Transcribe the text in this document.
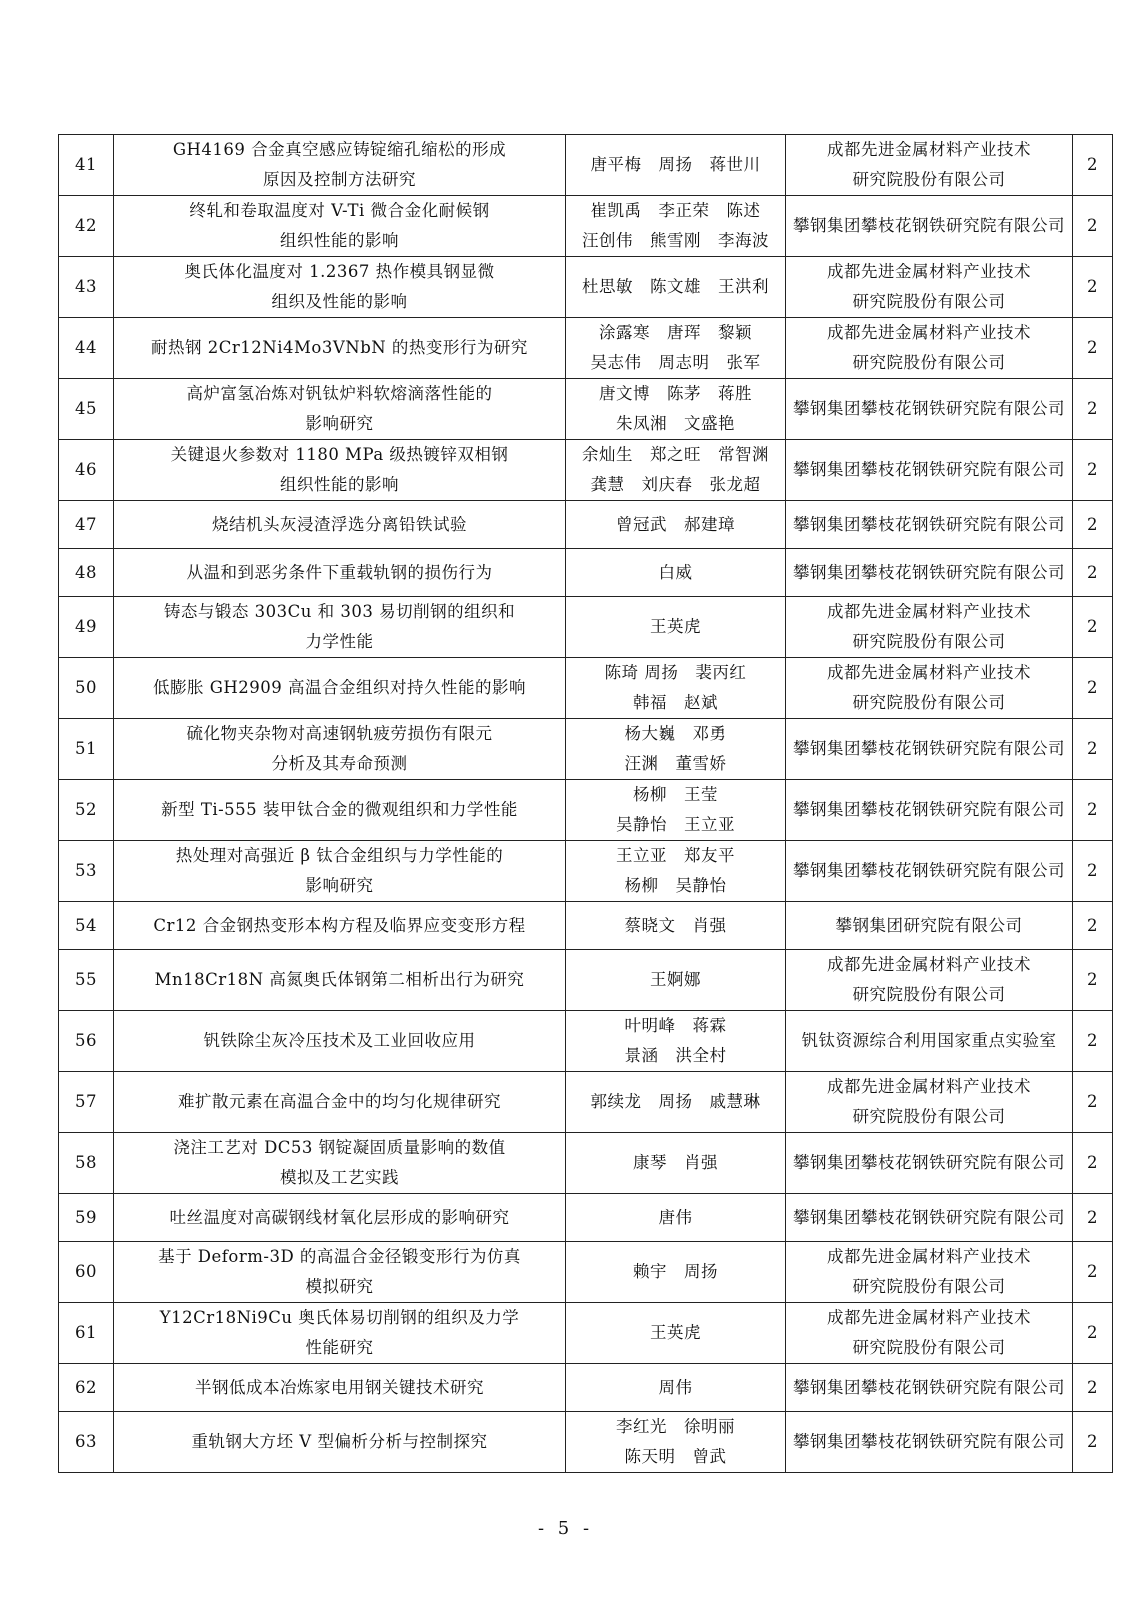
41	GH4169 合金真空感应铸锭缩孔缩松的形成
原因及控制方法研究	唐平梅　周扬　蒋世川	成都先进金属材料产业技术
研究院股份有限公司	2
42	终轧和卷取温度对 V-Ti 微合金化耐候钢
组织性能的影响	崔凯禹　李正荣　陈述
汪创伟　熊雪刚　李海波	攀钢集团攀枝花钢铁研究院有限公司	2
43	奥氏体化温度对 1.2367 热作模具钢显微
组织及性能的影响	杜思敏　陈文雄　王洪利	成都先进金属材料产业技术
研究院股份有限公司	2
44	耐热钢 2Cr12Ni4Mo3VNbN 的热变形行为研究	涂露寒　唐珲　黎颖
吴志伟　周志明　张军	成都先进金属材料产业技术
研究院股份有限公司	2
45	高炉富氢冶炼对钒钛炉料软熔滴落性能的
影响研究	唐文博　陈茅　蒋胜
朱凤湘　文盛艳	攀钢集团攀枝花钢铁研究院有限公司	2
46	关键退火参数对 1180 MPa 级热镀锌双相钢
组织性能的影响	余灿生　郑之旺　常智渊
龚慧　刘庆春　张龙超	攀钢集团攀枝花钢铁研究院有限公司	2
47	烧结机头灰浸渣浮选分离铅铁试验	曾冠武　郝建璋	攀钢集团攀枝花钢铁研究院有限公司	2
48	从温和到恶劣条件下重载轨钢的损伤行为	白威	攀钢集团攀枝花钢铁研究院有限公司	2
49	铸态与锻态 303Cu 和 303 易切削钢的组织和
力学性能	王英虎	成都先进金属材料产业技术
研究院股份有限公司	2
50	低膨胀 GH2909 高温合金组织对持久性能的影响	陈琦 周扬　裴丙红
韩福　赵斌	成都先进金属材料产业技术
研究院股份有限公司	2
51	硫化物夹杂物对高速钢轨疲劳损伤有限元
分析及其寿命预测	杨大巍　邓勇
汪渊　董雪娇	攀钢集团攀枝花钢铁研究院有限公司	2
52	新型 Ti-555 装甲钛合金的微观组织和力学性能	杨柳　王莹
吴静怡　王立亚	攀钢集团攀枝花钢铁研究院有限公司	2
53	热处理对高强近 β 钛合金组织与力学性能的
影响研究	王立亚　郑友平
杨柳　吴静怡	攀钢集团攀枝花钢铁研究院有限公司	2
54	Cr12 合金钢热变形本构方程及临界应变变形方程	蔡晓文　肖强	攀钢集团研究院有限公司	2
55	Mn18Cr18N 高氮奥氏体钢第二相析出行为研究	王婀娜	成都先进金属材料产业技术
研究院股份有限公司	2
56	钒铁除尘灰冷压技术及工业回收应用	叶明峰　蒋霖
景涵　洪全村	钒钛资源综合利用国家重点实验室	2
57	难扩散元素在高温合金中的均匀化规律研究	郭续龙　周扬　戚慧琳	成都先进金属材料产业技术
研究院股份有限公司	2
58	浇注工艺对 DC53 钢锭凝固质量影响的数值
模拟及工艺实践	康琴　肖强	攀钢集团攀枝花钢铁研究院有限公司	2
59	吐丝温度对高碳钢线材氧化层形成的影响研究	唐伟	攀钢集团攀枝花钢铁研究院有限公司	2
60	基于 Deform-3D 的高温合金径锻变形行为仿真
模拟研究	赖宇　周扬	成都先进金属材料产业技术
研究院股份有限公司	2
61	Y12Cr18Ni9Cu 奥氏体易切削钢的组织及力学
性能研究	王英虎	成都先进金属材料产业技术
研究院股份有限公司	2
62	半钢低成本冶炼家电用钢关键技术研究	周伟	攀钢集团攀枝花钢铁研究院有限公司	2
63	重轨钢大方坯 V 型偏析分析与控制探究	李红光　徐明丽
陈天明　曾武	攀钢集团攀枝花钢铁研究院有限公司	2
- 5 -
